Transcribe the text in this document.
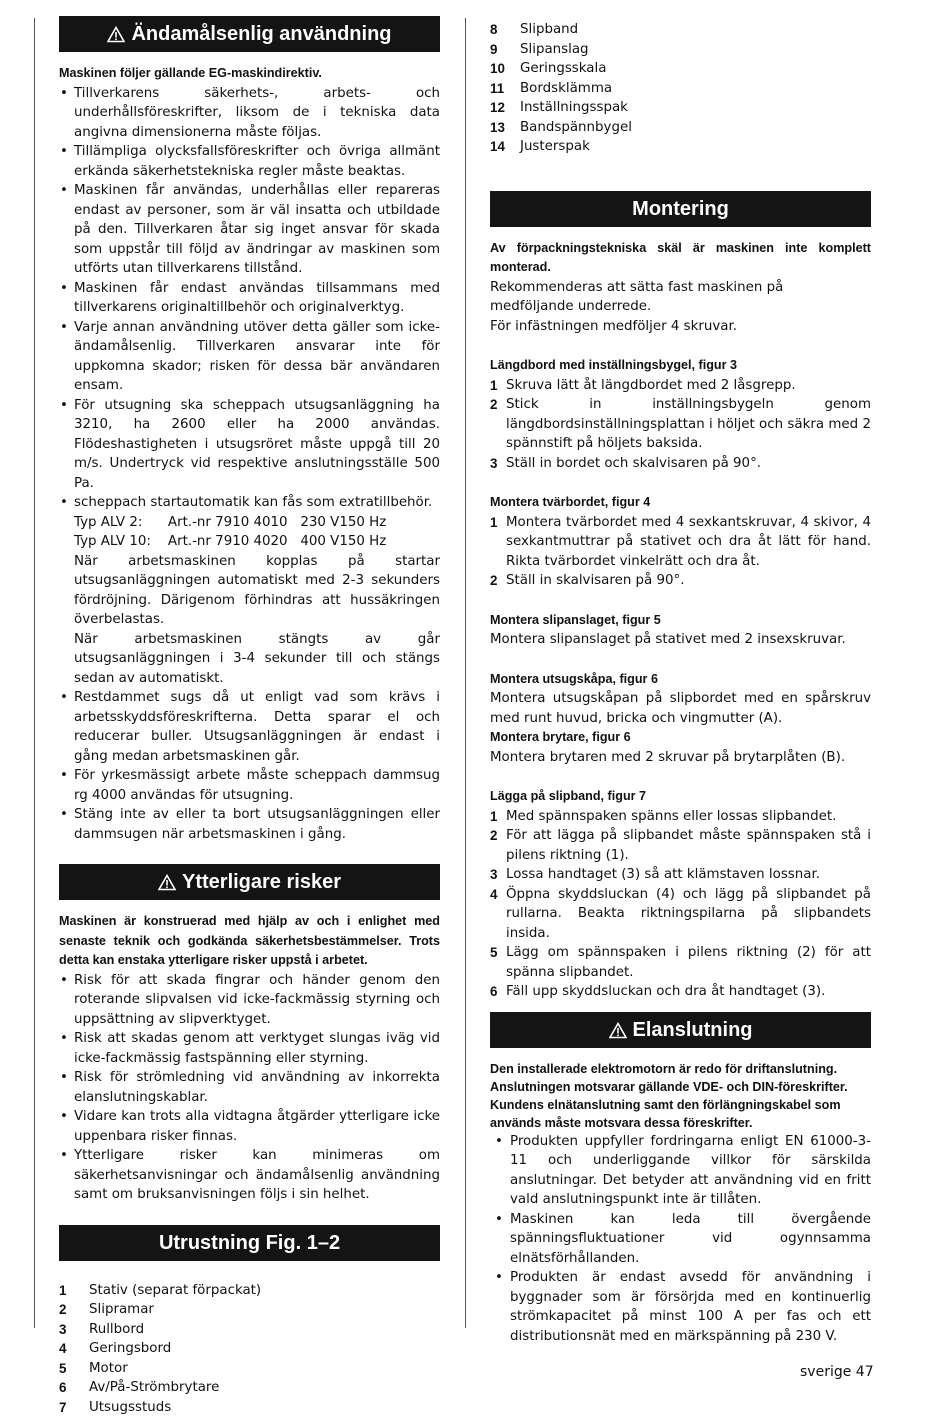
Ändamålsenlig användning
Maskinen följer gällande EG-maskindirektiv.
• Tillverkarens säkerhets-, arbets- och underhållsföreskrifter, liksom de i tekniska data angivna dimensionerna måste följas.
• Tillämpliga olycksfallsföreskrifter och övriga allmänt erkända säkerhetstekniska regler måste beaktas.
• Maskinen får användas, underhållas eller repareras endast av personer, som är väl insatta och utbildade på den. Tillverkaren åtar sig inget ansvar för skada som uppstår till följd av ändringar av maskinen som utförts utan tillverkarens tillstånd.
• Maskinen får endast användas tillsammans med tillverkarens originaltillbehör och originalverktyg.
• Varje annan användning utöver detta gäller som icke-ändamålsenlig. Tillverkaren ansvarar inte för uppkomna skador; risken för dessa bär användaren ensam.
• För utsugning ska scheppach utsugsanläggning ha 3210, ha 2600 eller ha 2000 användas. Flödeshastigheten i utsugsröret måste uppgå till 20 m/s. Undertryck vid respektive anslutningsställe 500 Pa.
• scheppach startautomatik kan fås som extratillbehör.
Typ ALV 2:      Art.-nr 7910 4010   230 V150 Hz
Typ ALV 10:    Art.-nr 7910 4020   400 V150 Hz
När arbetsmaskinen kopplas på startar utsugsanläggningen automatiskt med 2-3 sekunders fördröjning. Därigenom förhindras att hussäkringen överbelastas.
När arbetsmaskinen stängts av går utsugsanläggningen i 3-4 sekunder till och stängs sedan av automatiskt.
• Restdammet sugs då ut enligt vad som krävs i arbetsskyddsföreskrifterna. Detta sparar el och reducerar buller. Utsugsanläggningen är endast i gång medan arbetsmaskinen går.
• För yrkesmässigt arbete måste scheppach dammsug rg 4000 användas för utsugning.
• Stäng inte av eller ta bort utsugsanläggningen eller dammsugen när arbetsmaskinen i gång.
Ytterligare risker
Maskinen är konstruerad med hjälp av och i enlighet med senaste teknik och godkända säkerhetsbestämmelser. Trots detta kan enstaka ytterligare risker uppstå i arbetet.
• Risk för att skada fingrar och händer genom den roterande slipvalsen vid icke-fackmässig styrning och uppsättning av slipverktyget.
• Risk att skadas genom att verktyget slungas iväg vid icke-fackmässig fastspänning eller styrning.
• Risk för strömledning vid användning av inkorrekta elanslutningskablar.
• Vidare kan trots alla vidtagna åtgärder ytterligare icke uppenbara risker finnas.
• Ytterligare risker kan minimeras om säkerhetsanvisningar och ändamålsenlig användning samt om bruksanvisningen följs i sin helhet.
Utrustning Fig. 1–2
1	Stativ (separat förpackat)
2	Slipramar
3	Rullbord
4	Geringsbord
5	Motor
6	Av/På-Strömbrytare
7	Utsugsstuds
8	Slipband
9	Slipanslag
10	Geringsskala
11	Bordsklämma
12	Inställningsspak
13	Bandspännbygel
14	Justerspak
Montering
Av förpackningstekniska skäl är maskinen inte komplett monterad.
Rekommenderas att sätta fast maskinen på medföljande underrede.
För infästningen medföljer 4 skruvar.
Längdbord med inställningsbygel, figur 3
1 Skruva lätt åt längdbordet med 2 låsgrepp.
2 Stick in inställningsbygeln genom längdbordsinställningsplattan i höljet och säkra med 2 spännstift på höljets baksida.
3 Ställ in bordet och skalvisaren på 90°.
Montera tvärbordet, figur 4
1 Montera tvärbordet med 4 sexkantskruvar, 4 skivor, 4 sexkantmuttrar på stativet och dra åt lätt för hand. Rikta tvärbordet vinkelrätt och dra åt.
2 Ställ in skalvisaren på 90°.
Montera slipanslaget, figur 5
Montera slipanslaget på stativet med 2 insexskruvar.
Montera utsugskåpa, figur 6
Montera utsugskåpan på slipbordet med en spårskruv med runt huvud, bricka och vingmutter (A).
Montera brytare, figur 6
Montera brytaren med 2 skruvar på brytarplåten (B).
Lägga på slipband, figur 7
1 Med spännspaken spänns eller lossas slipbandet.
2 För att lägga på slipbandet måste spännspaken stå i pilens riktning (1).
3 Lossa handtaget (3) så att klämstaven lossnar.
4 Öppna skyddsluckan (4) och lägg på slipbandet på rullarna. Beakta riktningspilarna på slipbandets insida.
5 Lägg om spännspaken i pilens riktning (2) för att spänna slipbandet.
6 Fäll upp skyddsluckan och dra åt handtaget (3).
Elanslutning
Den installerade elektromotorn är redo för driftanslutning. Anslutningen motsvarar gällande VDE- och DIN-föreskrifter. Kundens elnätanslutning samt den förlängningskabel som används måste motsvara dessa föreskrifter.
• Produkten uppfyller fordringarna enligt EN 61000-3-11 och underliggande villkor för särskilda anslutningar. Det betyder att användning vid en fritt vald anslutningspunkt inte är tillåten.
• Maskinen kan leda till övergående spänningsfluktuationer vid ogynnsamma elnätsförhållanden.
• Produkten är endast avsedd för användning i byggnader som är försörjda med en kontinuerlig strömkapacitet på minst 100 A per fas och ett distributionsnät med en märkspänning på 230 V.
sverige 47
